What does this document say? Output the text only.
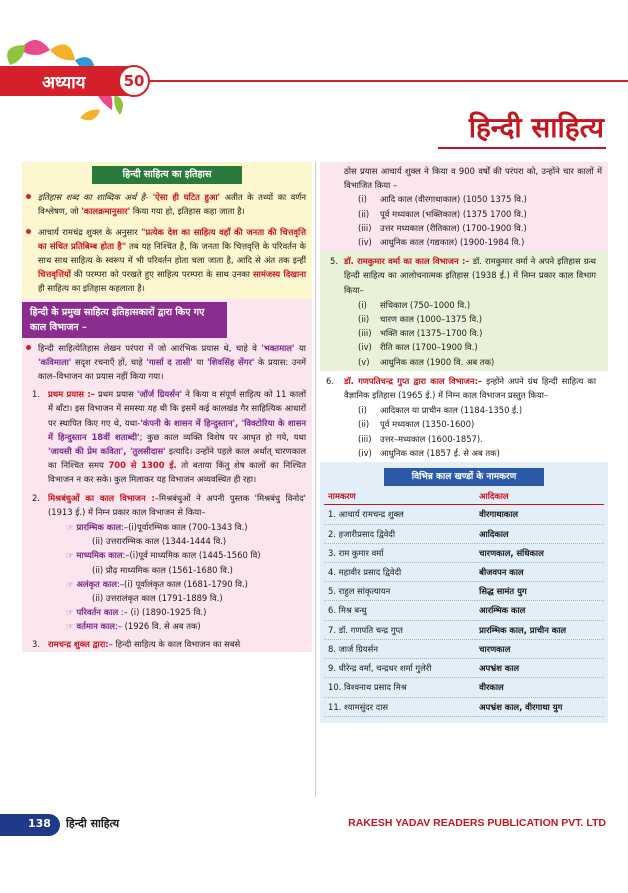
अध्याय	50
हिन्दी साहित्य
हिन्दी साहित्य का इतिहास
इतिहास शब्द का शाब्दिक अर्थ है- 'ऐसा ही घटित हुआ' अतीत के तथ्यों का वर्णन विश्लेषण, जो 'कालक्रमानुसार' किया गया हो, इतिहास कहा जाता है।
आचार्य रामचंद्र शुक्ल के अनुसार "प्रत्येक देश का साहित्य वहाँ की जनता की चित्तवृत्ति का संचित प्रतिबिम्ब होता है" तब यह निश्चित है, कि जनता कि चित्तवृत्ति के परिवर्तन के साथ साथ साहित्य के स्वरूप में भी परिवर्तन होता चला जाता है, आदि से अंत तक इन्हीं चित्तवृत्तियों की परम्परा को परखते हुए साहित्य परम्परा के साथ उनका सामंजस्य दिखाना ही साहित्य का इतिहास कहलाता है।
हिन्दी के प्रमुख साहित्य इतिहासकारों द्वारा किए गए काल विभाजन –
हिन्दी साहित्येतिहास लेखन परंपरा में जो आरंभिक प्रयास थे, चाहे वे 'भक्तमाल' या 'कविमाला' सदृश रचनाएँ हों, चाहे 'गार्सा द तासी' या 'शिवसिंह सेंगर' के प्रयास: उनमें काल–विभाजन का प्रयास नहीं किया गया।
1. प्रथम प्रयास :– प्रथम प्रयास 'जॉर्ज ग्रियर्सन' ने किया व संपूर्ण साहित्य को 11 कालों में बाँटा। इस विभाजन में समस्या यह थी कि इसमें कई कालखंड गैर साहित्यिक आधारों पर स्थापित किए गए थे, यथा-'कंपनी के शासन में हिन्दुस्तान', 'विक्टोरिया के शासन में हिन्दुस्तान 18वीं शताब्दी'; कुछ काल व्यक्ति विशेष पर आधृत हो गये, यथा 'जायसी की प्रेम कविता', 'तुलसीदास' इत्यादि। उन्होंने पहले काल अर्थात् चारणकाल का निश्चित समय 700 से 1300 ई. तो बताया किंतु शेष कालों का निश्चित विभाजन न कर सके। कुल मिलाकर यह विभाजन अव्यवस्थित ही रहा।
2. मिश्रबंधुओं का काल विभाजन :–मिश्रबंधुओं ने अपनी पुस्तक 'मिश्रबंधु विनोद' (1913 ई.) में निम्न प्रकार काल विभाजन से किया–
☞ प्रारम्भिक काल:–(i)पूर्वारम्भिक काल (700-1343 वि.)
(ii) उत्तरारम्भिक काल (1344-1444 वि.)
☞ माध्यमिक काल:–(i)पूर्व माध्यमिक काल (1445-1560 वि)
(ii) प्रौढ़ माध्यमिक काल (1561-1680 वि.)
☞ अलंकृत काल:–(i) पूर्वालंकृत काल (1681-1790 वि.)
(ii) उत्तरालंकृत काल (1791-1889 वि.)
☞ परिवर्तन काल :– (i) (1890-1925 वि.)
☞ वर्तमान काल:– (1926 वि. से अब तक)
3. रामचन्द्र शुक्ल द्वारा:– हिन्दी साहित्य के काल विभाजन का सबसे
ठोस प्रयास आचार्य शुक्ल ने किया व 900 वर्षों की परंपरा को, उन्होंने चार कालों में विभाजित किया –
(i) आदि काल (वीरगाथाकाल) (1050 1375 वि.)
(ii) पूर्व मध्यकाल (भक्तिकाल) (1375 1700 वि.)
(iii) उत्तर मध्यकाल (रीतिकाल) (1700-1900 वि.)
(iv) आधुनिक काल (गद्यकाल) (1900-1984 वि.)
5. डॉ. रामकुमार वर्मा का काल विभाजन :– डॉ. रामकुमार वर्मा ने अपने इतिहास ग्रन्थ हिन्दी साहित्य का आलोचनात्मक इतिहास (1938 ई.) में निम्न प्रकार काल विभाग किया–
(i) संधिकाल (750–1000 वि.)
(ii) चारण काल (1000–1375 वि.)
(iii) भक्ति काल (1375–1700 वि.)
(iv) रीति काल (1700–1900 वि.)
(v) आधुनिक काल (1900 वि. अब तक)
6. डॉ. गणपतिचन्द्र गुप्त द्वारा काल विभाजन:– इन्होंने अपने ग्रंथ हिन्दी साहित्य का वैज्ञानिक इतिहास (1965 ई.) में निम्न काल विभाजन प्रस्तुत किया–
(i) आदिकाल या प्राचीन काल (1184-1350 ई.)
(ii) पूर्व मध्यकाल (1350-1600)
(iii) उत्तर–मध्यकाल (1600-1857).
(iv) आधुनिक काल (1857 ई. से अब तक)
विभिन्न काल खण्डों के नामकरण
नामकरण	आदिकाल
1. आचार्य रामचन्द्र शुक्ल	वीरगाथाकाल
2. हजारीप्रसाद द्विवेदी	आदिकाल
3. राम कुमार वर्मा	चारणकाल, संधिकाल
4. महावीर प्रसाद द्विवेदी	बीजवपन काल
5. राहुल सांकृत्यायन	सिद्ध सामंत युग
6. मिश्र बन्धु	आरम्भिक काल
7. डॉ. गणपति चन्द्र गुप्त	प्रारम्भिक काल, प्राचीन काल
8. जार्ज ग्रियर्सन	चारणकाल
9. धीरेन्द्र वर्मा, चन्द्रधर शर्मा गुलेरी	अपभ्रंश काल
10. विश्वनाथ प्रसाद मिश्र	वीरकाल
11. श्यामसुंदर दास	अपभ्रंश काल, वीरगाथा युग
138 हिन्दी साहित्य	RAKESH YADAV READERS PUBLICATION PVT. LTD
